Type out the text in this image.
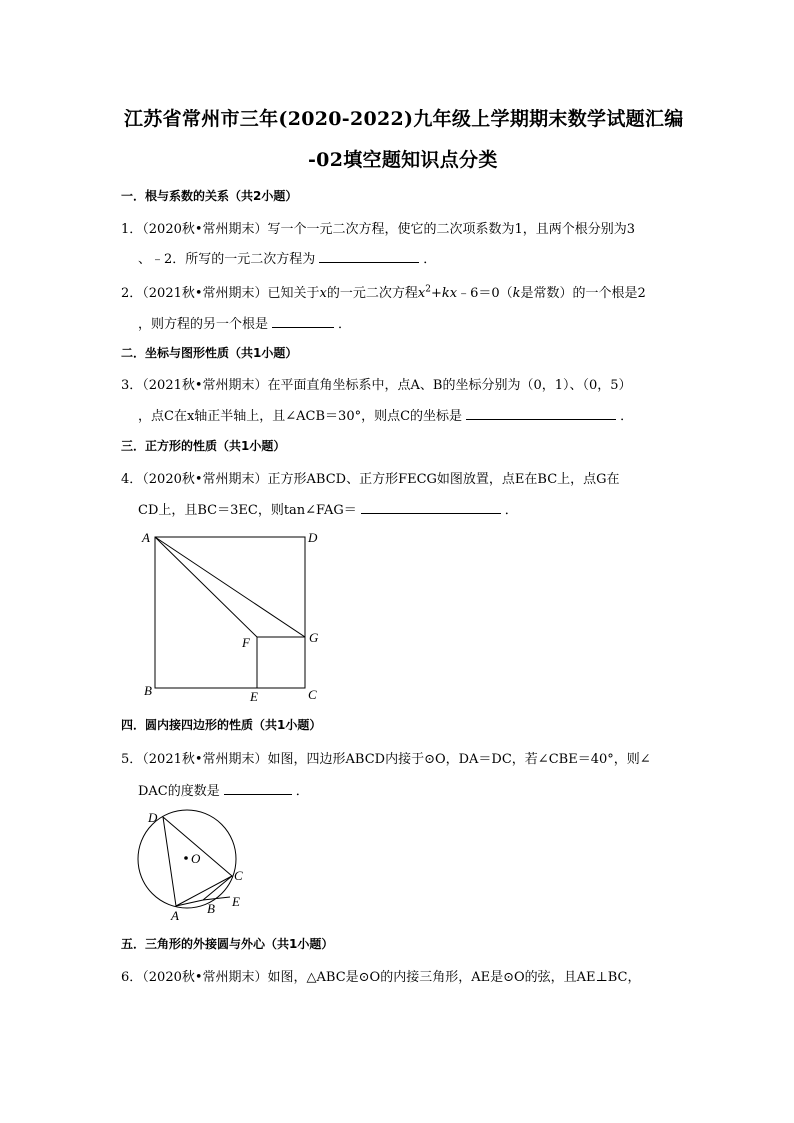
江苏省常州市三年(2020-2022)九年级上学期期末数学试题汇编
-02填空题知识点分类
一．根与系数的关系（共2小题）
1．（2020秋•常州期末）写一个一元二次方程，使它的二次项系数为1，且两个根分别为3
、﹣2．所写的一元二次方程为	．
2．（2021秋•常州期末）已知关于x的一元二次方程$x^2+kx﹣6=0(k$是常数）的一个根是2
，则方程的另一个根是	．
二．坐标与图形性质（共1小题）
3．（2021秋•常州期末）在平面直角坐标系中，点A、B的坐标分别为（0，1）、（0，5）
，点C在x轴正半轴上，且∠ACB＝30°，则点C的坐标是	．
三．正方形的性质（共1小题）
4．（2020秋•常州期末）正方形ABCD、正方形FECG如图放置，点E在BC上，点G在
CD上，且BC＝3EC，则tan∠FAG＝	．
A	D
B	C
E
F	G
D
O
C
A B E
四．圆内接四边形的性质（共1小题）
5．（2021秋•常州期末）如图，四边形ABCD内接于⊙O，DA＝DC，若∠CBE＝40°，则∠
DAC的度数是	．
五．三角形的外接圆与外心（共1小题）
6．（2020秋•常州期末）如图，△ABC是⊙O的内接三角形，AE是⊙O的弦，且AE⊥BC，
